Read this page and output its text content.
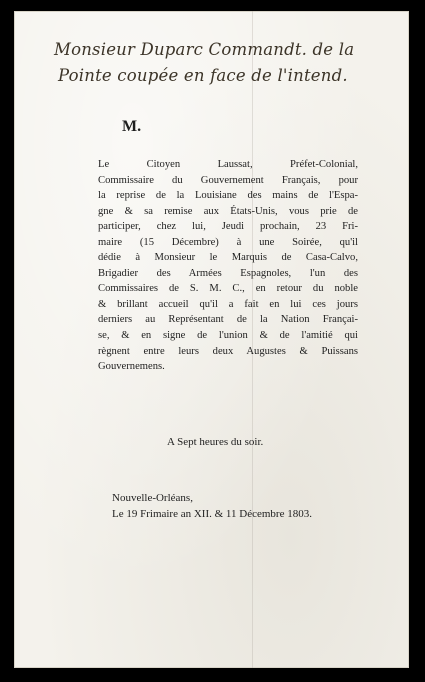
Monsieur Duparc Commandt. de la
Pointe coupée en face de l'intend.
M.
Le Citoyen Laussat, Préfet-Colonial,
Commissaire du Gouvernement Français, pour
la reprise de la Louisiane des mains de l'Espa-
gne & sa remise aux États-Unis, vous prie de
participer, chez lui, Jeudi prochain, 23 Fri-
maire (15 Décembre) à une Soirée, qu'il
dédie à Monsieur le Marquis de Casa-Calvo,
Brigadier des Armées Espagnoles, l'un des
Commissaires de S. M. C., en retour du noble
& brillant accueil qu'il a fait en lui ces jours
derniers au Représentant de la Nation Françai-
se, & en signe de l'union & de l'amitié qui
règnent entre leurs deux Augustes & Puissans
Gouvernemens.
A Sept heures du soir.
Nouvelle-Orléans,
Le 19 Frimaire an XII. & 11 Décembre 1803.
